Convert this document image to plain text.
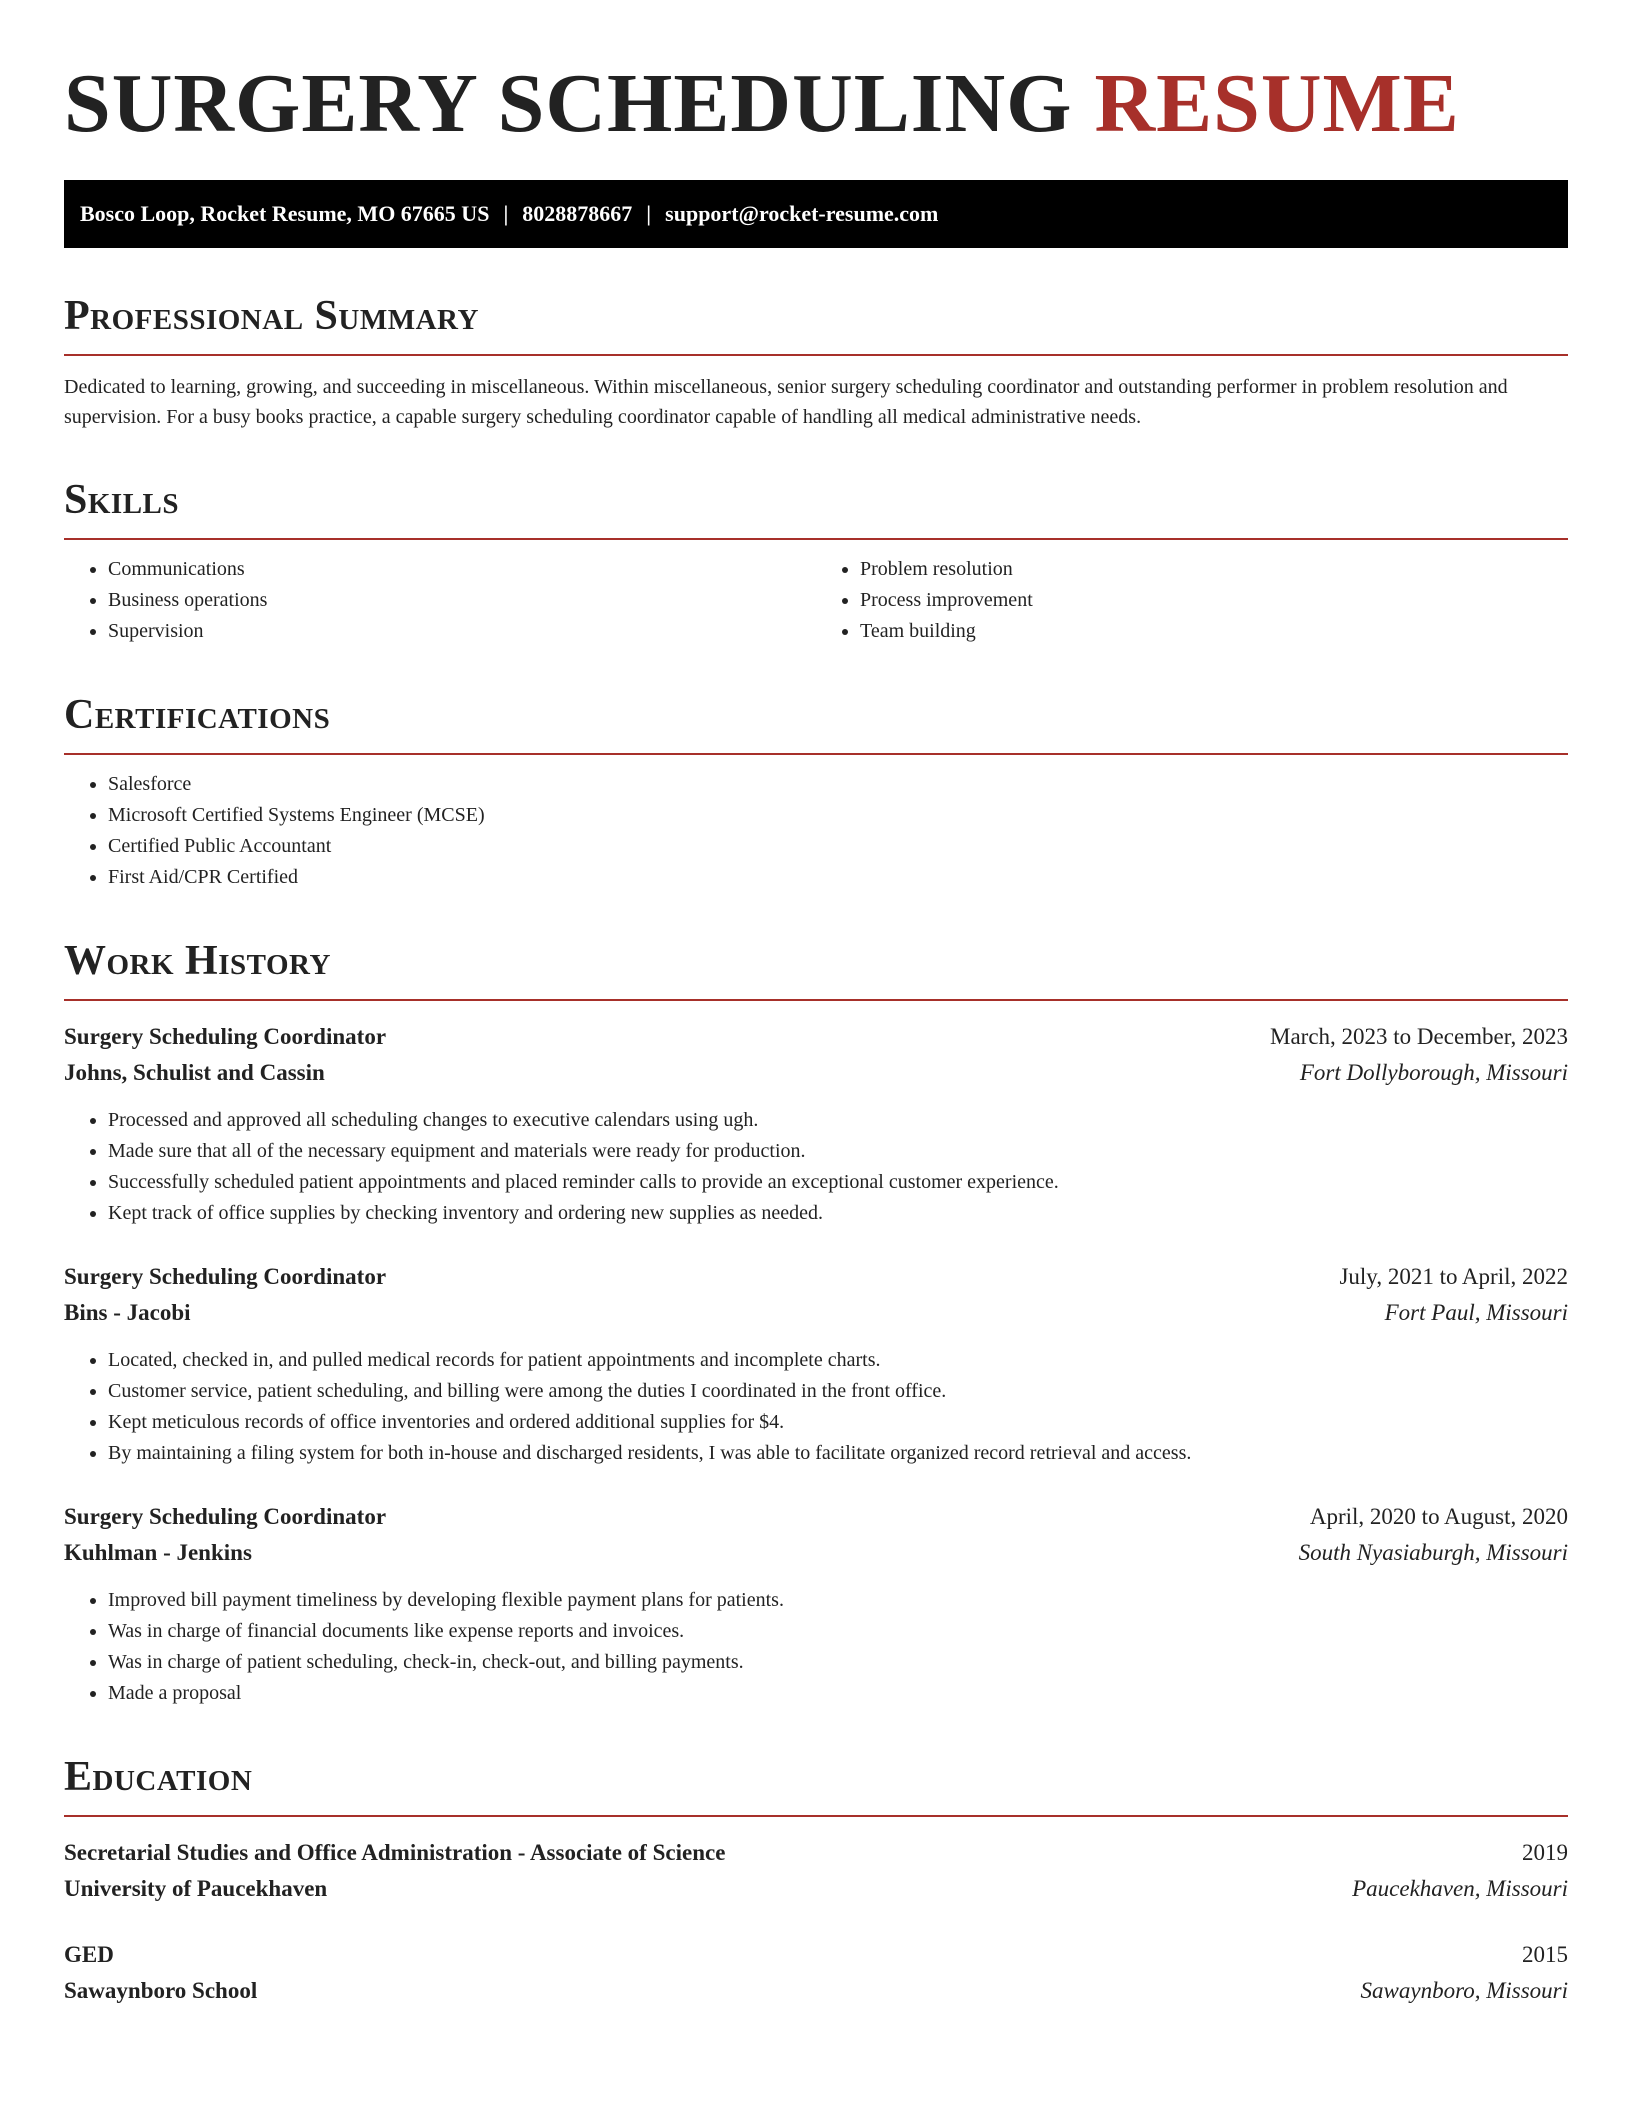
SURGERY SCHEDULING RESUME
Bosco Loop, Rocket Resume, MO 67665 US | 8028878667 | support@rocket-resume.com
Professional Summary
Dedicated to learning, growing, and succeeding in miscellaneous. Within miscellaneous, senior surgery scheduling coordinator and outstanding performer in problem resolution and supervision. For a busy books practice, a capable surgery scheduling coordinator capable of handling all medical administrative needs.
Skills
• Communications
• Business operations
• Supervision
• Problem resolution
• Process improvement
• Team building
Certifications
• Salesforce
• Microsoft Certified Systems Engineer (MCSE)
• Certified Public Accountant
• First Aid/CPR Certified
Work History
Surgery Scheduling Coordinator	March, 2023 to December, 2023
Johns, Schulist and Cassin	Fort Dollyborough, Missouri
• Processed and approved all scheduling changes to executive calendars using ugh.
• Made sure that all of the necessary equipment and materials were ready for production.
• Successfully scheduled patient appointments and placed reminder calls to provide an exceptional customer experience.
• Kept track of office supplies by checking inventory and ordering new supplies as needed.
Surgery Scheduling Coordinator	July, 2021 to April, 2022
Bins - Jacobi	Fort Paul, Missouri
• Located, checked in, and pulled medical records for patient appointments and incomplete charts.
• Customer service, patient scheduling, and billing were among the duties I coordinated in the front office.
• Kept meticulous records of office inventories and ordered additional supplies for $4.
• By maintaining a filing system for both in-house and discharged residents, I was able to facilitate organized record retrieval and access.
Surgery Scheduling Coordinator	April, 2020 to August, 2020
Kuhlman - Jenkins	South Nyasiaburgh, Missouri
• Improved bill payment timeliness by developing flexible payment plans for patients.
• Was in charge of financial documents like expense reports and invoices.
• Was in charge of patient scheduling, check-in, check-out, and billing payments.
• Made a proposal
Education
Secretarial Studies and Office Administration - Associate of Science	2019
University of Paucekhaven	Paucekhaven, Missouri
GED	2015
Sawaynboro School	Sawaynboro, Missouri
